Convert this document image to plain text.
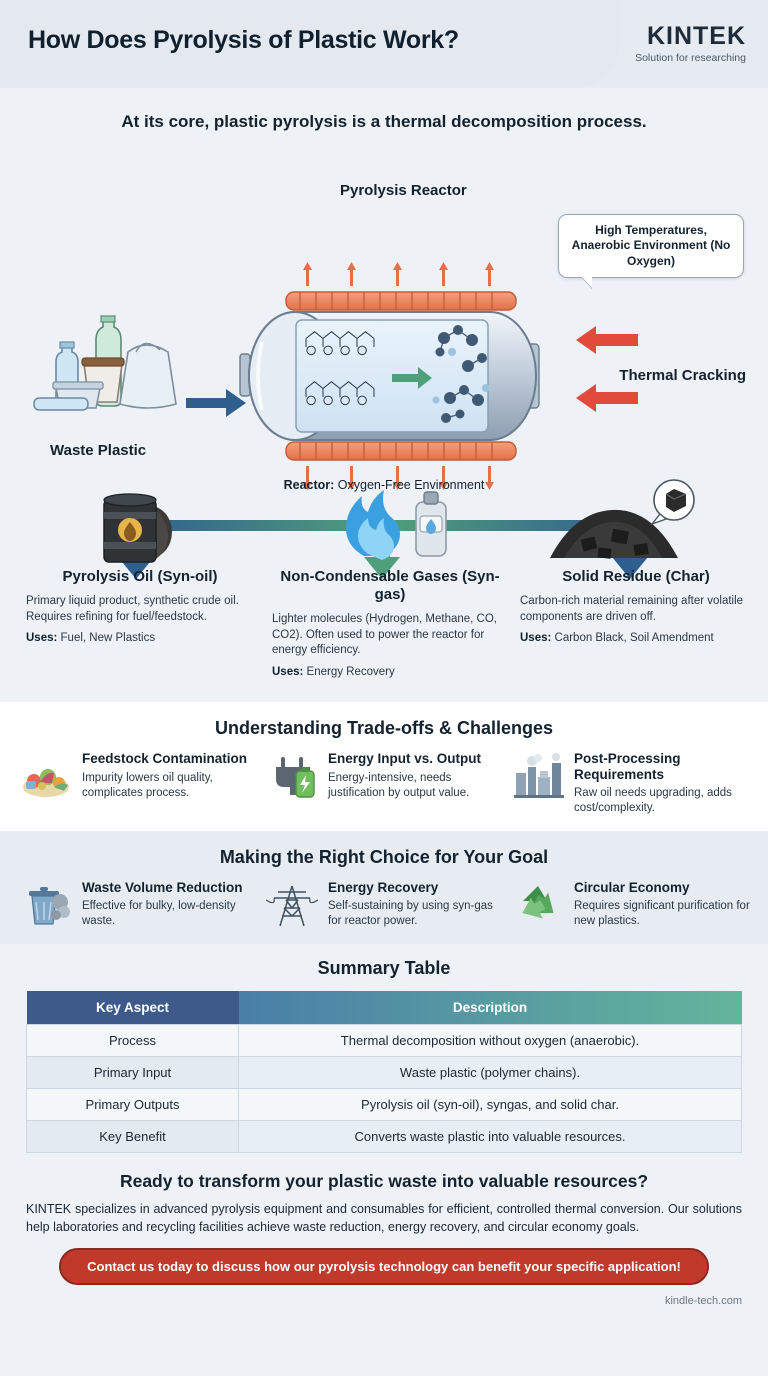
How Does Pyrolysis of Plastic Work?	KINTEK
Solution for researching
At its core, plastic pyrolysis is a thermal decomposition process.
Pyrolysis Reactor
High Temperatures, Anaerobic Environment (No Oxygen)
Waste Plastic
Thermal Cracking
Reactor: Oxygen-Free Environment
Pyrolysis Oil (Syn-oil)

Primary liquid product, synthetic crude oil. Requires refining for fuel/feedstock.

Uses: Fuel, New Plastics
Non-Condensable Gases (Syn-gas)

Lighter molecules (Hydrogen, Methane, CO, CO2). Often used to power the reactor for energy efficiency.

Uses: Energy Recovery
Solid Residue (Char)

Carbon-rich material remaining after volatile components are driven off.

Uses: Carbon Black, Soil Amendment
Understanding Trade-offs & Challenges
Feedstock Contamination

Impurity lowers oil quality, complicates process.

Energy Input vs. Output

Energy-intensive, needs justification by output value.

Post-Processing Requirements

Raw oil needs upgrading, adds cost/complexity.

Making the Right Choice for Your Goal
Waste Volume Reduction

Effective for bulky, low-density waste.

Energy Recovery

Self-sustaining by using syn-gas for reactor power.

Circular Economy

Requires significant purification for new plastics.

Summary Table
Key Aspect	Description
Process	Thermal decomposition without oxygen (anaerobic).
Primary Input	Waste plastic (polymer chains).
Primary Outputs	Pyrolysis oil (syn-oil), syngas, and solid char.
Key Benefit	Converts waste plastic into valuable resources.
Ready to transform your plastic waste into valuable resources?

KINTEK specializes in advanced pyrolysis equipment and consumables for efficient, controlled thermal conversion. Our solutions help laboratories and recycling facilities achieve waste reduction, energy recovery, and circular economy goals.

Contact us today to discuss how our pyrolysis technology can benefit your specific application!
kindle-tech.com
